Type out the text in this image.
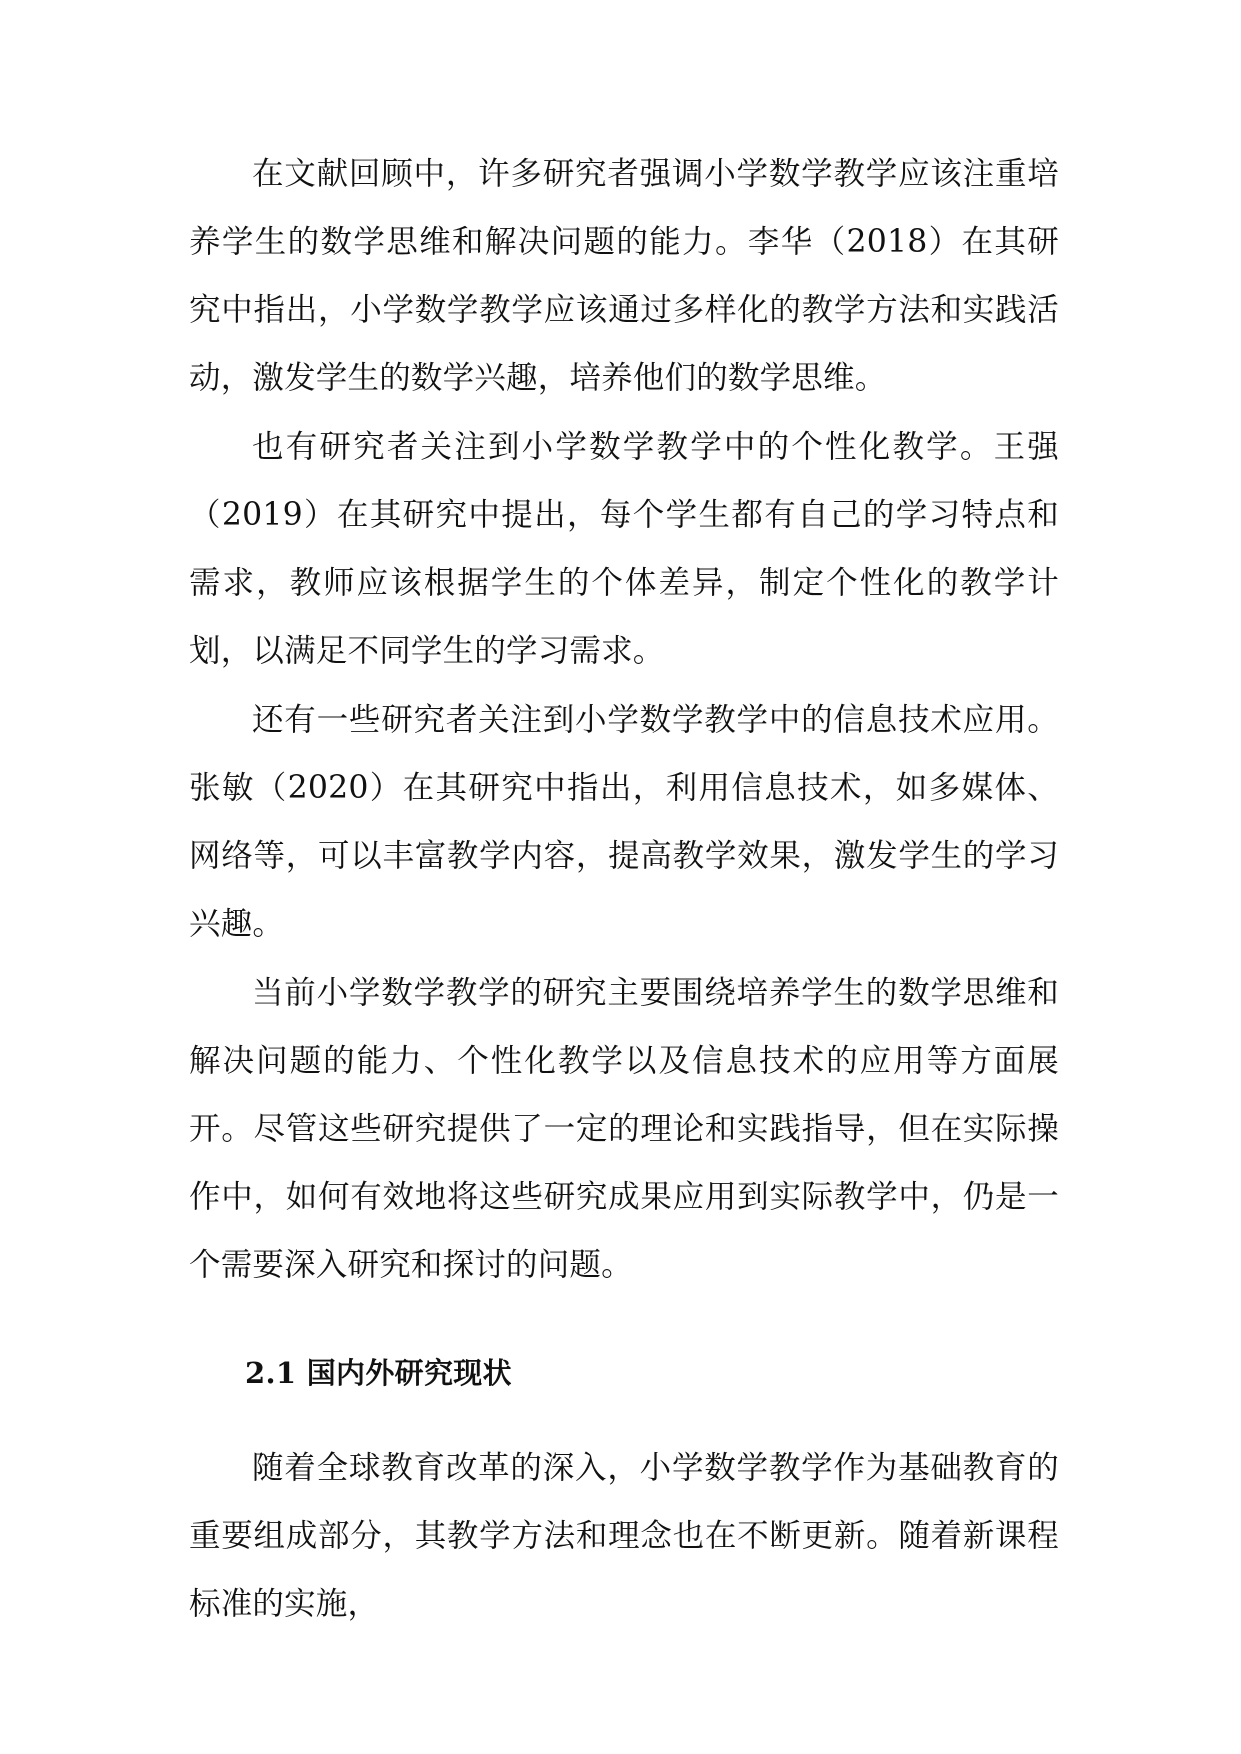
在文献回顾中，许多研究者强调小学数学教学应该注重培养学生的数学思维和解决问题的能力。李华（2018）在其研究中指出，小学数学教学应该通过多样化的教学方法和实践活动，激发学生的数学兴趣，培养他们的数学思维。

也有研究者关注到小学数学教学中的个性化教学。王强（2019）在其研究中提出，每个学生都有自己的学习特点和需求，教师应该根据学生的个体差异，制定个性化的教学计划，以满足不同学生的学习需求。

还有一些研究者关注到小学数学教学中的信息技术应用。张敏（2020）在其研究中指出，利用信息技术，如多媒体、网络等，可以丰富教学内容，提高教学效果，激发学生的学习兴趣。

当前小学数学教学的研究主要围绕培养学生的数学思维和解决问题的能力、个性化教学以及信息技术的应用等方面展开。尽管这些研究提供了一定的理论和实践指导，但在实际操作中，如何有效地将这些研究成果应用到实际教学中，仍是一个需要深入研究和探讨的问题。

2.1 国内外研究现状

随着全球教育改革的深入，小学数学教学作为基础教育的重要组成部分，其教学方法和理念也在不断更新。随着新课程标准的实施，
